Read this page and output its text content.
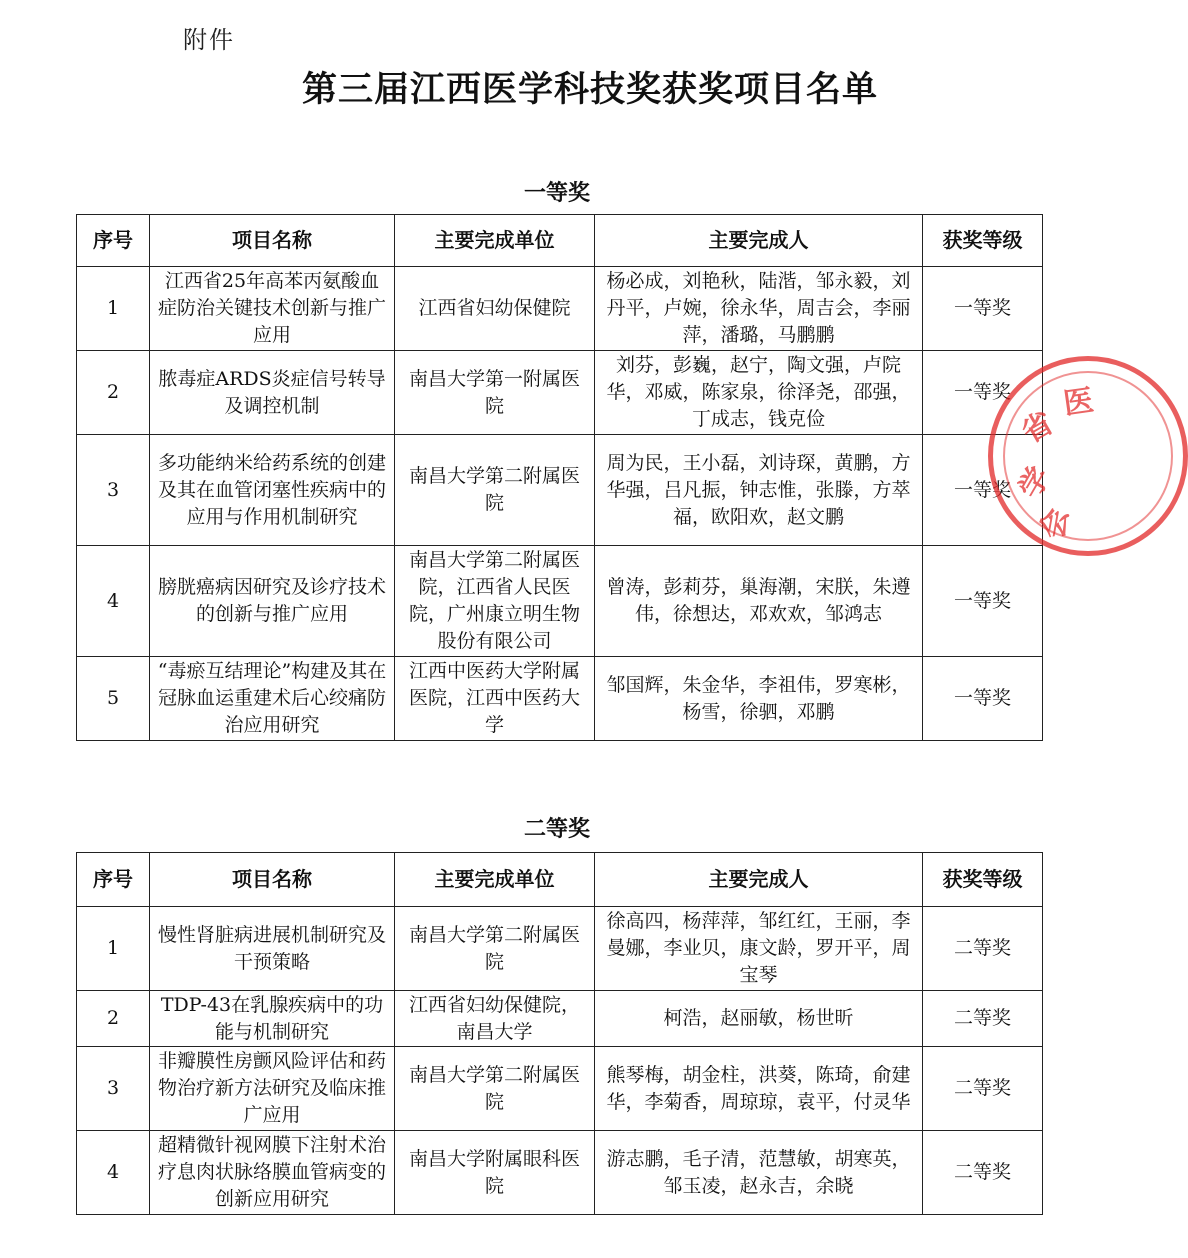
附件
第三届江西医学科技奖获奖项目名单
一等奖
序号	项目名称	主要完成单位	主要完成人	获奖等级
1	江西省25年高苯丙氨酸血症防治关键技术创新与推广应用	江西省妇幼保健院	杨必成，刘艳秋，陆湝，邹永毅，刘丹平，卢婉，徐永华，周吉会，李丽萍，潘璐，马鹏鹏	一等奖
2	脓毒症ARDS炎症信号转导及调控机制	南昌大学第一附属医院	刘芬，彭巍，赵宁，陶文强，卢院华，邓威，陈家泉，徐泽尧，邵强，丁成志，钱克俭	一等奖
3	多功能纳米给药系统的创建及其在血管闭塞性疾病中的应用与作用机制研究	南昌大学第二附属医院	周为民，王小磊，刘诗琛，黄鹏，方华强，吕凡振，钟志惟，张滕，方萃福，欧阳欢，赵文鹏	一等奖
4	膀胱癌病因研究及诊疗技术的创新与推广应用	南昌大学第二附属医院，江西省人民医院，广州康立明生物股份有限公司	曾涛，彭莉芬，巢海潮，宋朕，朱遵伟，徐想达，邓欢欢，邹鸿志	一等奖
5	“毒瘀互结理论”构建及其在冠脉血运重建术后心绞痛防治应用研究	江西中医药大学附属医院，江西中医药大学	邹国辉，朱金华，李祖伟，罗寒彬，杨雪，徐驷，邓鹏	一等奖
二等奖
序号	项目名称	主要完成单位	主要完成人	获奖等级
1	慢性肾脏病进展机制研究及干预策略	南昌大学第二附属医院	徐高四，杨萍萍，邹红红，王丽，李曼娜，李业贝，康文龄，罗开平，周宝琴	二等奖
2	TDP-43在乳腺疾病中的功能与机制研究	江西省妇幼保健院，南昌大学	柯浩，赵丽敏，杨世昕	二等奖
3	非瓣膜性房颤风险评估和药物治疗新方法研究及临床推广应用	南昌大学第二附属医院	熊琴梅，胡金柱，洪葵，陈琦，俞建华，李菊香，周琼琼，袁平，付灵华	二等奖
4	超精微针视网膜下注射术治疗息肉状脉络膜血管病变的创新应用研究	南昌大学附属眼科医院	游志鹏，毛子清，范慧敏，胡寒英，邹玉凌，赵永吉，余晓	二等奖
省
医
学
会
